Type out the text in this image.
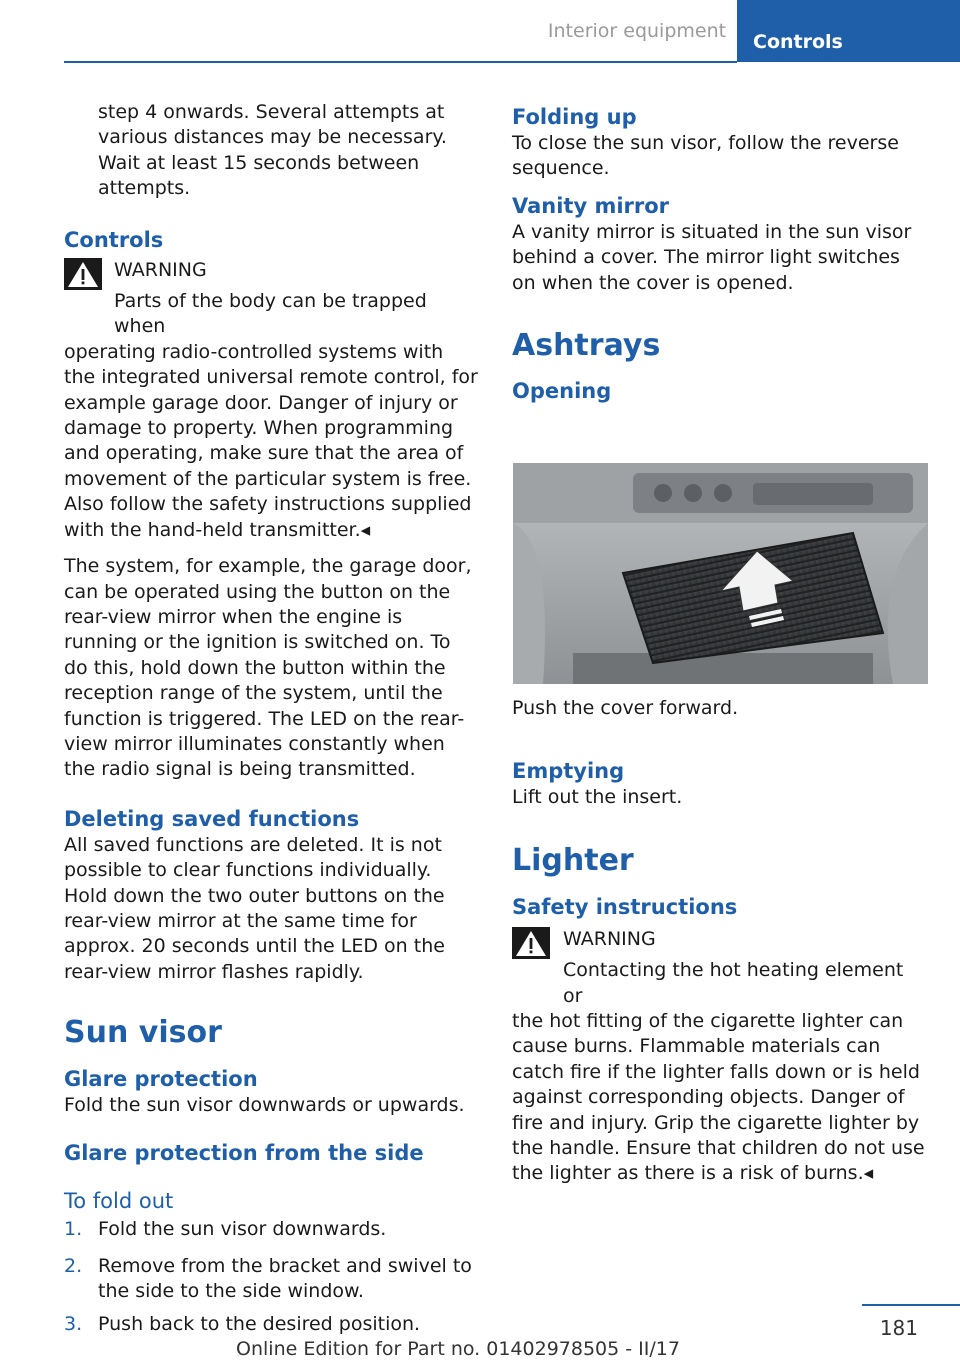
Interior equipment	Controls

step 4 onwards. Several attempts at various distances may be necessary. Wait at least 15 seconds between attempts.

Controls

WARNING

Parts of the body can be trapped when

operating radio-controlled systems with the integrated universal remote control, for example garage door. Danger of injury or damage to property. When programming and operating, make sure that the area of movement of the particular system is free. Also follow the safety instructions supplied with the hand-held transmitter.◂

The system, for example, the garage door, can be operated using the button on the rear-view mirror when the engine is running or the ignition is switched on. To do this, hold down the button within the reception range of the system, until the function is triggered. The LED on the rear-view mirror illuminates constantly when the radio signal is being transmitted.

Deleting saved functions

All saved functions are deleted. It is not possible to clear functions individually. Hold down the two outer buttons on the rear-view mirror at the same time for approx. 20 seconds until the LED on the rear-view mirror flashes rapidly.

Sun visor

Glare protection

Fold the sun visor downwards or upwards.

Glare protection from the side

To fold out

1. Fold the sun visor downwards.
2. Remove from the bracket and swivel to the side to the side window.
3. Push back to the desired position.

Folding up

To close the sun visor, follow the reverse sequence.

Vanity mirror

A vanity mirror is situated in the sun visor behind a cover. The mirror light switches on when the cover is opened.

Ashtrays

Opening

Push the cover forward.

Emptying

Lift out the insert.

Lighter

Safety instructions

WARNING

Contacting the hot heating element or

the hot fitting of the cigarette lighter can cause burns. Flammable materials can catch fire if the lighter falls down or is held against corresponding objects. Danger of fire and injury. Grip the cigarette lighter by the handle. Ensure that children do not use the lighter as there is a risk of burns.◂

181
Online Edition for Part no. 01402978505 - II/17
